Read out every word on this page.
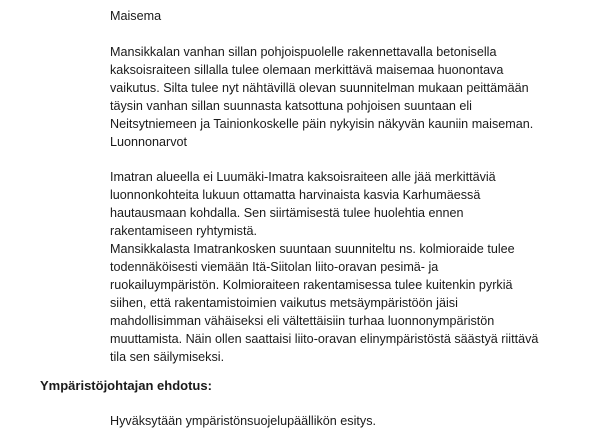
Maisema

Mansikkalan vanhan sillan pohjoispuolelle rakennettavalla betonisella
kaksoisraiteen sillalla tulee olemaan merkittävä maisemaa huonontava
vaikutus. Silta tulee nyt nähtävillä olevan suunnitelman mukaan peittämään
täysin vanhan sillan suunnasta katsottuna pohjoisen suuntaan eli
Neitsytniemeen ja Tainionkoskelle päin nykyisin näkyvän kauniin maiseman.

Luonnonarvot

Imatran alueella ei Luumäki-Imatra kaksoisraiteen alle jää merkittäviä
luonnonkohteita lukuun ottamatta harvinaista kasvia Karhumäessä
hautausmaan kohdalla. Sen siirtämisestä tulee huolehtia ennen
rakentamiseen ryhtymistä.

Mansikkalasta Imatrankosken suuntaan suunniteltu ns. kolmioraide tulee
todennäköisesti viemään Itä-Siitolan liito-oravan pesimä- ja
ruokailuympäristön. Kolmioraiteen rakentamisessa tulee kuitenkin pyrkiä
siihen, että rakentamistoimien vaikutus metsäympäristöön jäisi
mahdollisimman vähäiseksi eli vältettäisiin turhaa luonnonympäristön
muuttamista. Näin ollen saattaisi liito-oravan elinympäristöstä säästyä riittävä
tila sen säilymiseksi.

Ympäristöjohtajan ehdotus:

Hyväksytään ympäristönsuojelupäällikön esitys.
